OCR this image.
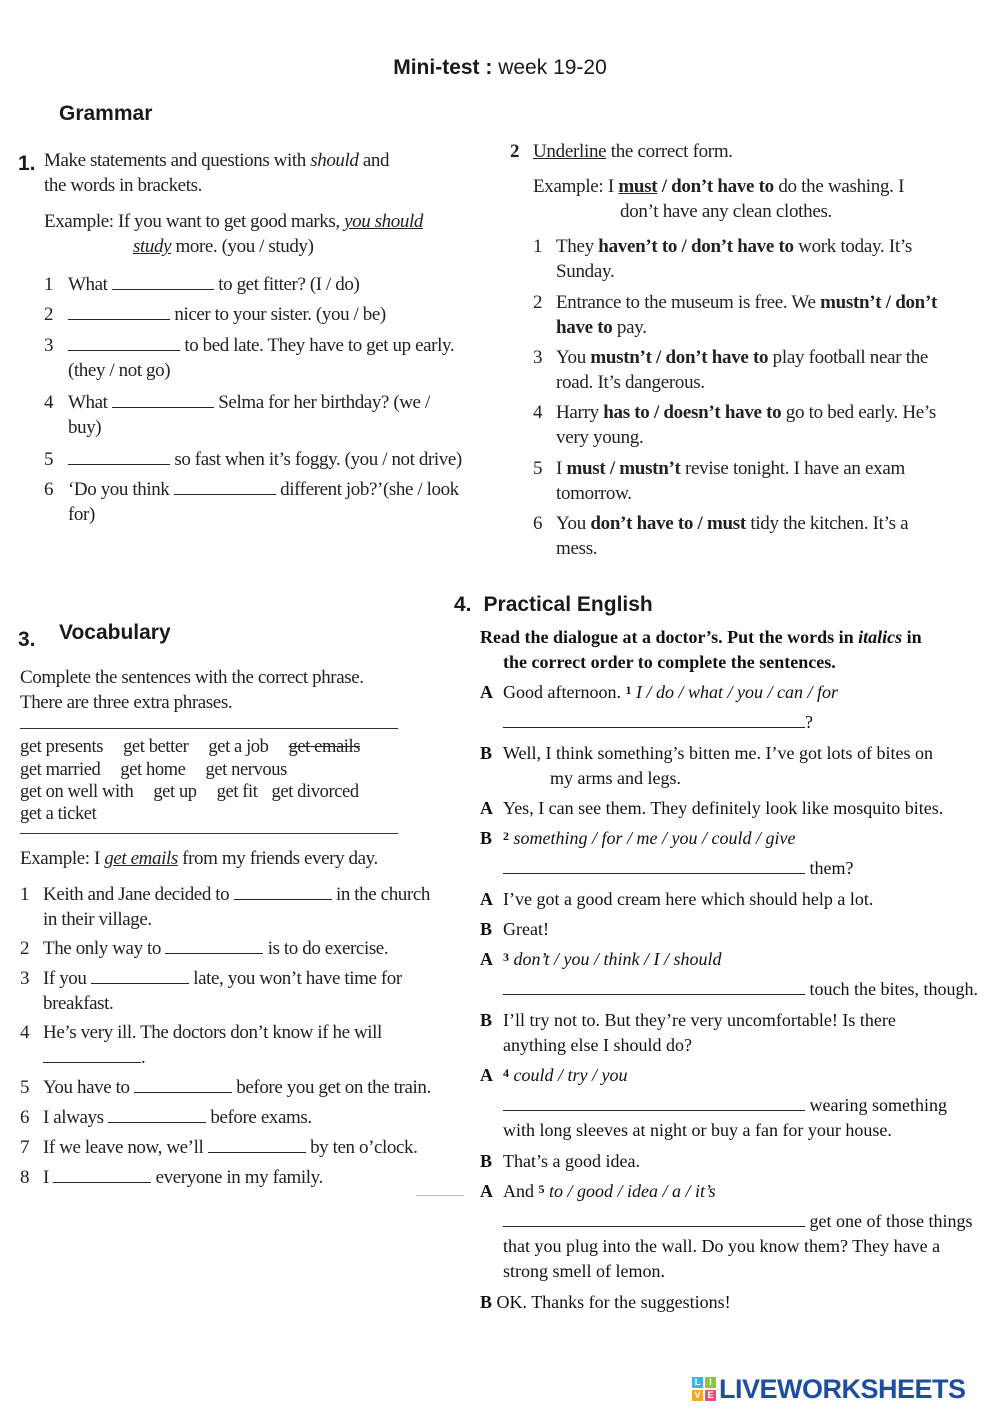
Mini-test : week 19-20
Grammar
1. Make statements and questions with should and
the words in brackets.
Example: If you want to get good marks, you should
study more. (you / study)
1 What	to get fitter? (I / do)
2	nicer to your sister. (you / be)
3	to bed late. They have to get up early.
(they / not go)
4 What	Selma for her birthday? (we /
buy)
5	so fast when it’s foggy. (you / not drive)
6 ‘Do you think	different job?’(she / look
for)
2 Underline the correct form.
Example: I must / don’t have to do the washing. I
don’t have any clean clothes.
1 They haven’t to / don’t have to work today. It’s
Sunday.
2 Entrance to the museum is free. We mustn’t / don’t
have to pay.
3 You mustn’t / don’t have to play football near the
road. It’s dangerous.
4 Harry has to / doesn’t have to go to bed early. He’s
very young.
5 I must / mustn’t revise tonight. I have an exam
tomorrow.
6 You don’t have to / must tidy the kitchen. It’s a
mess.
3. Vocabulary
Complete the sentences with the correct phrase.
There are three extra phrases.
get presents get better get a job get emails
get married get home get nervous
get on well with get up get fit get divorced
get a ticket
Example: I get emails from my friends every day.
1 Keith and Jane decided to	in the church
in their village.
2 The only way to	is to do exercise.
3 If you	late, you won’t have time for
breakfast.
4 He’s very ill. The doctors don’t know if he will
.
5 You have to	before you get on the train.
6 I always	before exams.
7 If we leave now, we’ll	by ten o’clock.
8 I	everyone in my family.
4. Practical English
Read the dialogue at a doctor’s. Put the words in italics in
the correct order to complete the sentences.
A Good afternoon. $^1$ I / do / what / you / can / for
?
B Well, I think something’s bitten me. I’ve got lots of bites on
my arms and legs.
A Yes, I can see them. They definitely look like mosquito bites.
B $^2$ something / for / me / you / could / give
them?
A I’ve got a good cream here which should help a lot.
B Great!
A $^3$ don’t / you / think / I / should
touch the bites, though.
B I’ll try not to. But they’re very uncomfortable! Is there
anything else I should do?
A $^4$ could / try / you
wearing something
with long sleeves at night or buy a fan for your house.
B That’s a good idea.
A And $^5$ to / good / idea / a / it’s
get one of those things
that you plug into the wall. Do you know them? They have a
strong smell of lemon.
B OK. Thanks for the suggestions!
L I
V E LIVEWORKSHEETS
